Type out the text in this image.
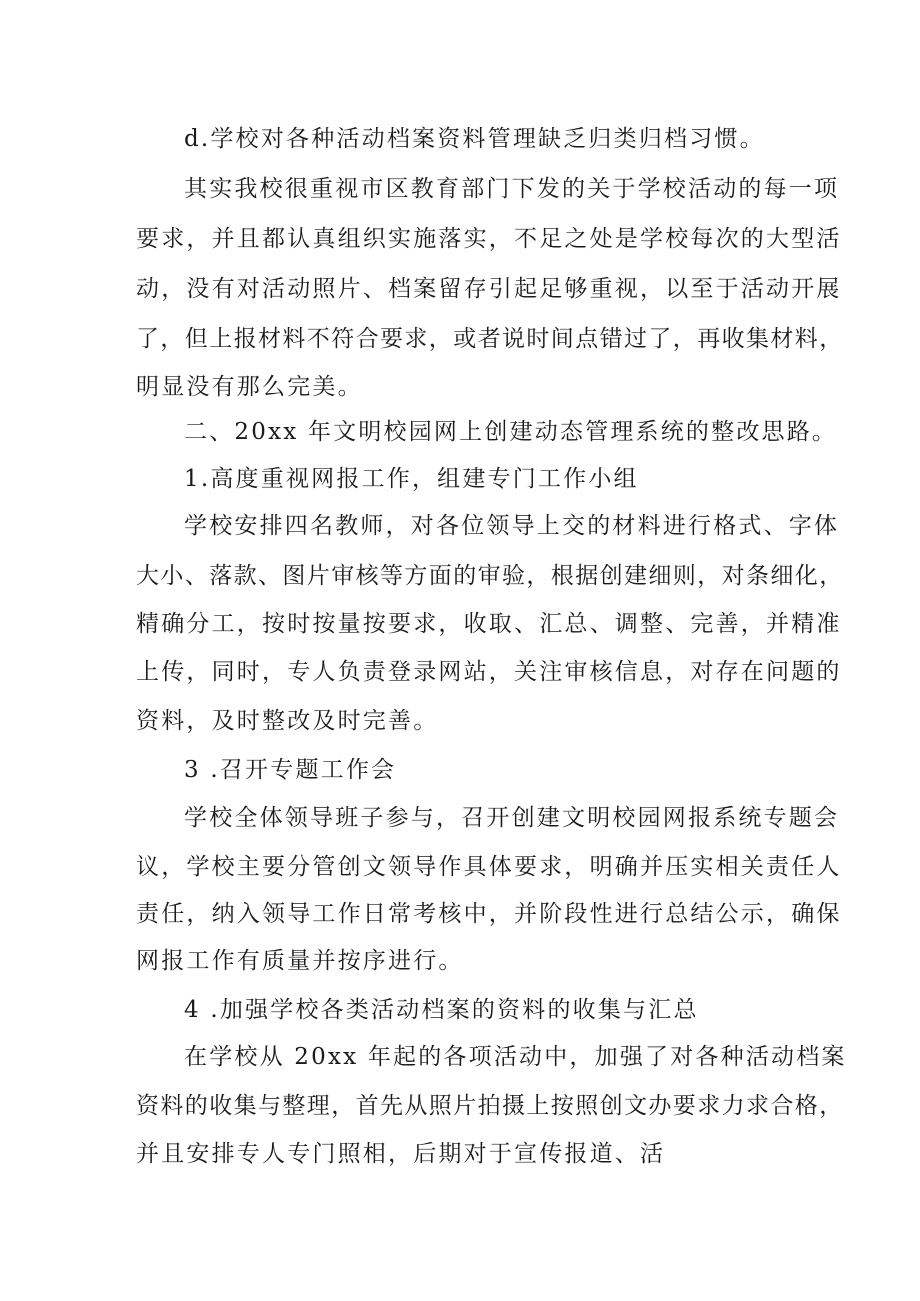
d.学校对各种活动档案资料管理缺乏归类归档习惯。
其实我校很重视市区教育部门下发的关于学校活动的每一项
要求，并且都认真组织实施落实，不足之处是学校每次的大型活
动，没有对活动照片、档案留存引起足够重视，以至于活动开展
了，但上报材料不符合要求，或者说时间点错过了，再收集材料，
明显没有那么完美。
二、20xx 年文明校园网上创建动态管理系统的整改思路。
1.高度重视网报工作，组建专门工作小组
学校安排四名教师，对各位领导上交的材料进行格式、字体
大小、落款、图片审核等方面的审验，根据创建细则，对条细化，
精确分工，按时按量按要求，收取、汇总、调整、完善，并精准
上传，同时，专人负责登录网站，关注审核信息，对存在问题的
资料，及时整改及时完善。
3 .召开专题工作会
学校全体领导班子参与，召开创建文明校园网报系统专题会
议，学校主要分管创文领导作具体要求，明确并压实相关责任人
责任，纳入领导工作日常考核中，并阶段性进行总结公示，确保
网报工作有质量并按序进行。
4 .加强学校各类活动档案的资料的收集与汇总
在学校从 20xx 年起的各项活动中，加强了对各种活动档案
资料的收集与整理，首先从照片拍摄上按照创文办要求力求合格，
并且安排专人专门照相，后期对于宣传报道、活
